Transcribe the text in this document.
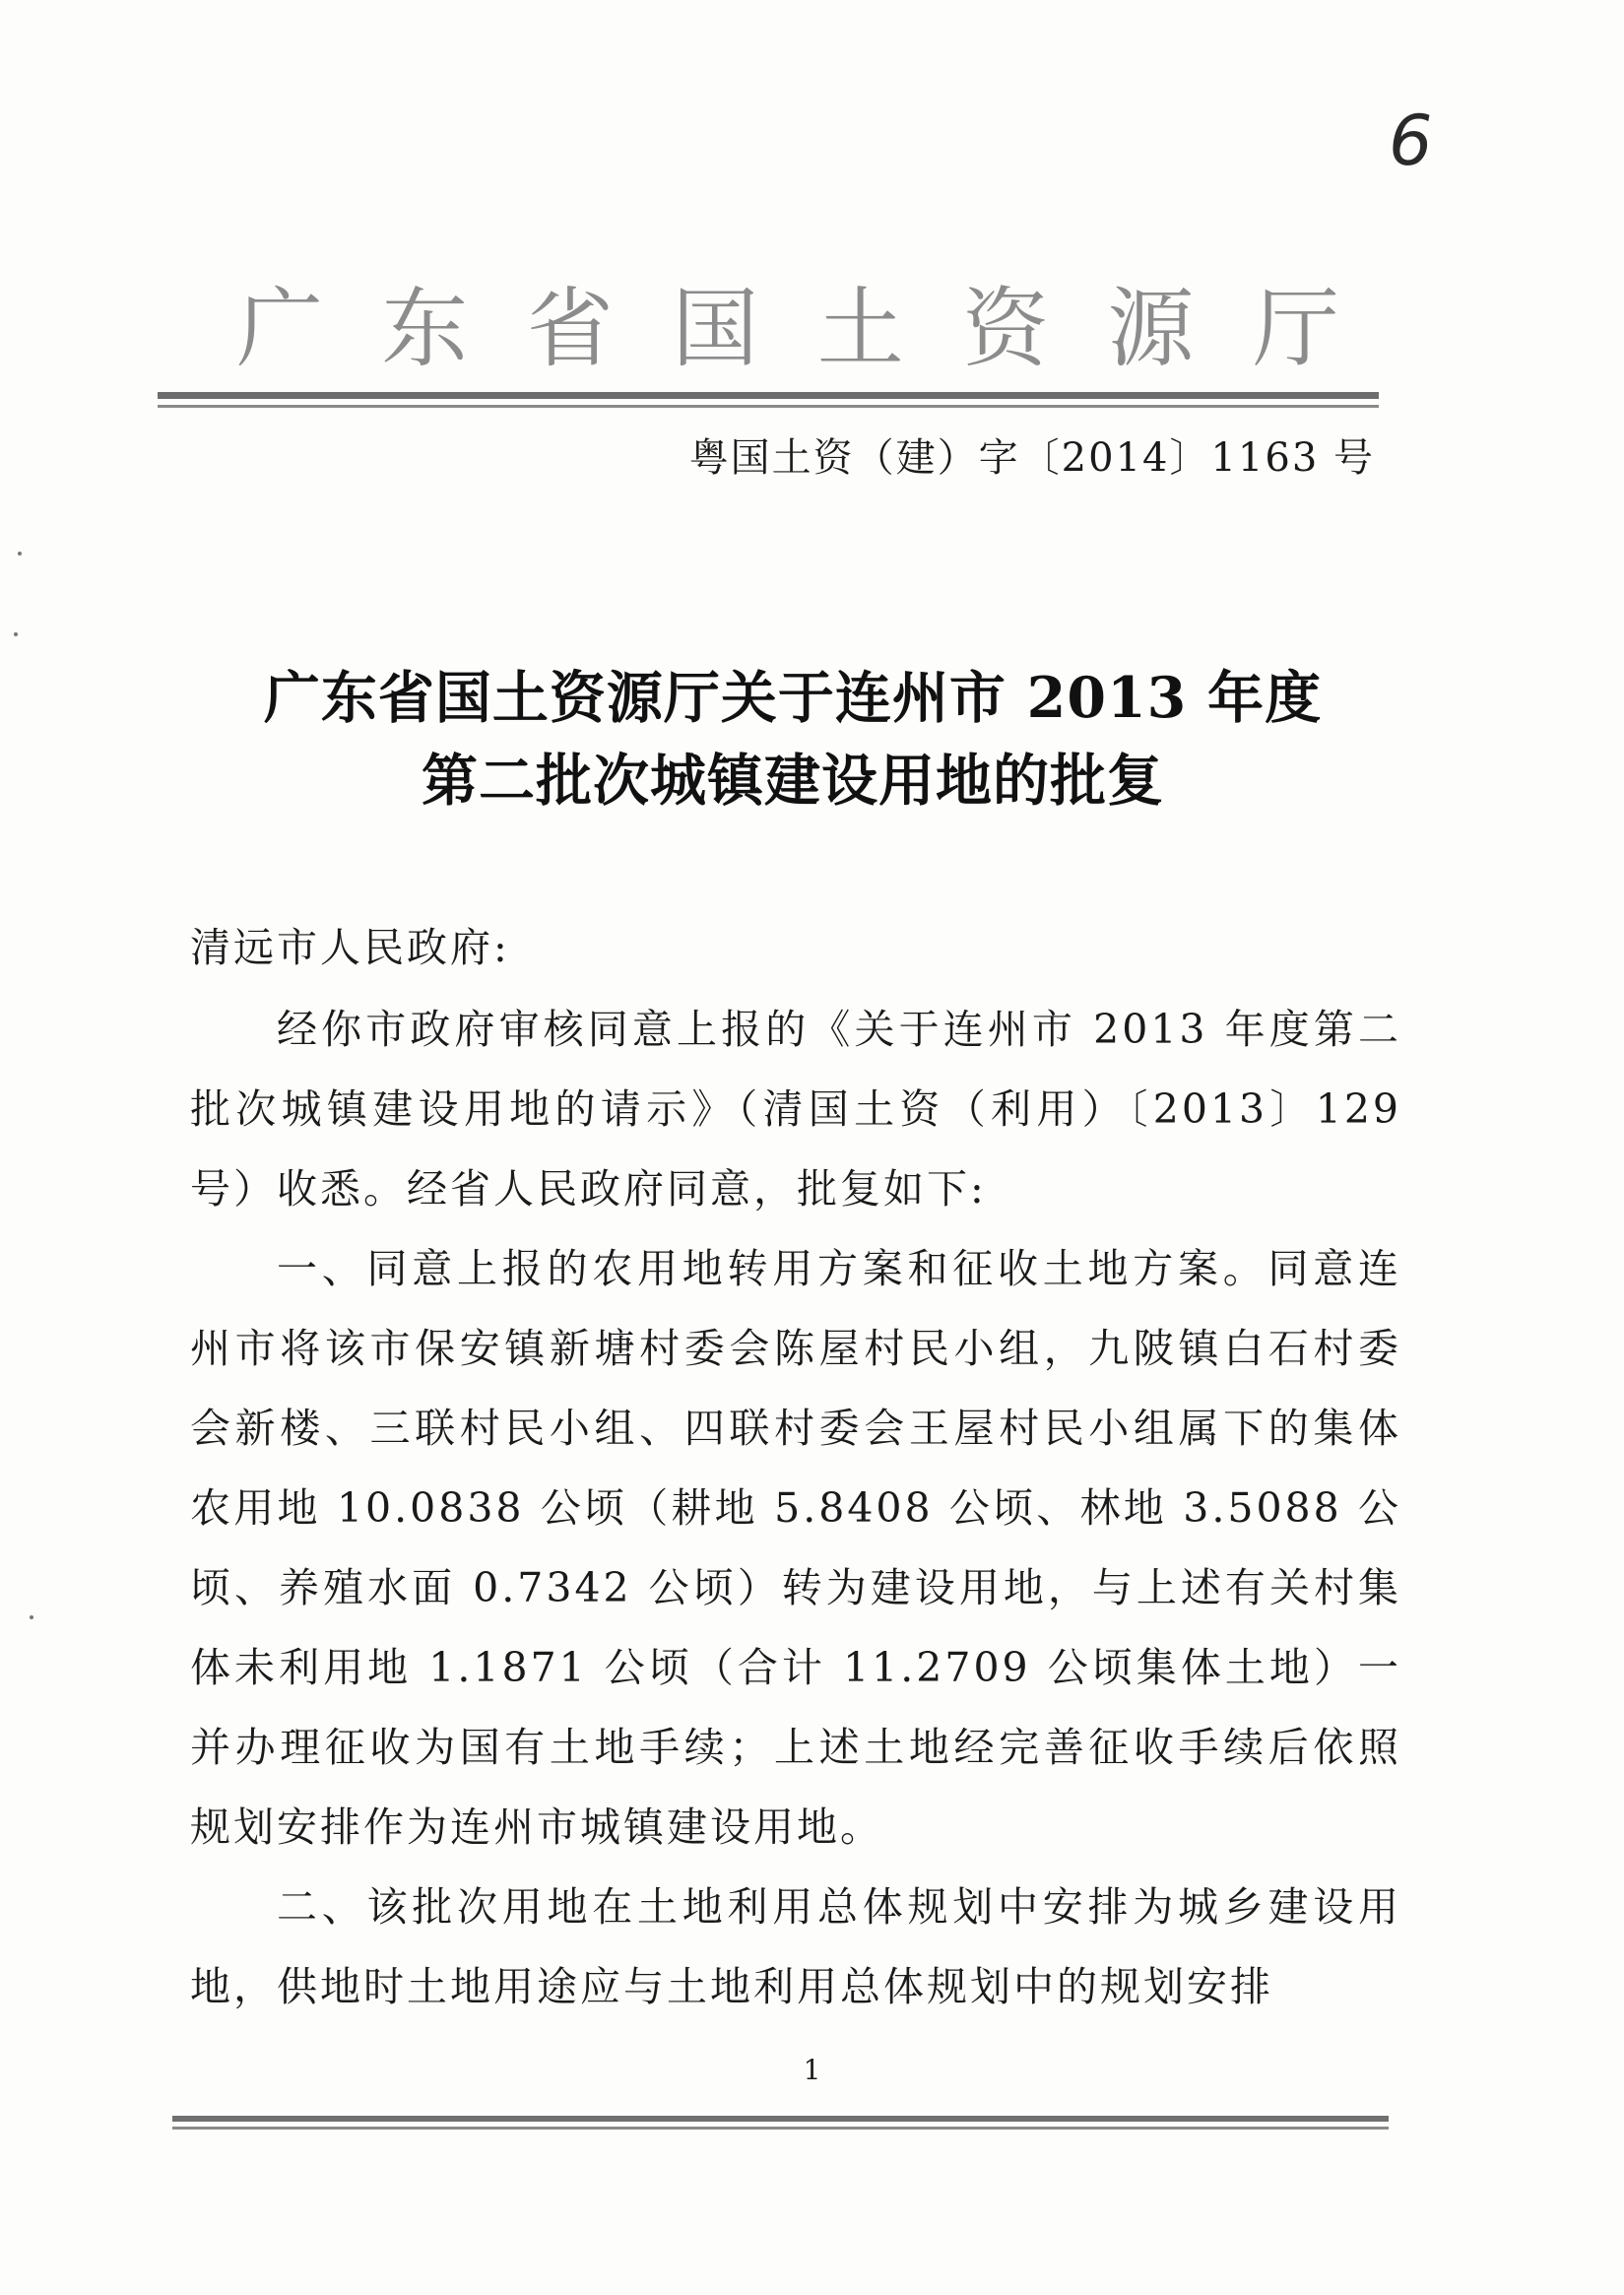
6
广 东 省 国 土 资 源 厅
粤国土资（建）字〔2014〕1163 号
广东省国土资源厅关于连州市 2013 年度
第二批次城镇建设用地的批复
清远市人民政府:

经你市政府审核同意上报的《关于连州市 2013 年度第二批次城镇建设用地的请示》（清国土资（利用）〔2013〕129 号）收悉。经省人民政府同意，批复如下:

一、同意上报的农用地转用方案和征收土地方案。同意连州市将该市保安镇新塘村委会陈屋村民小组，九陂镇白石村委会新楼、三联村民小组、四联村委会王屋村民小组属下的集体农用地 10.0838 公顷（耕地 5.8408 公顷、林地 3.5088 公顷、养殖水面 0.7342 公顷）转为建设用地，与上述有关村集体未利用地 1.1871 公顷（合计 11.2709 公顷集体土地）一并办理征收为国有土地手续；上述土地经完善征收手续后依照规划安排作为连州市城镇建设用地。

二、该批次用地在土地利用总体规划中安排为城乡建设用地，供地时土地用途应与土地利用总体规划中的规划安排

1
